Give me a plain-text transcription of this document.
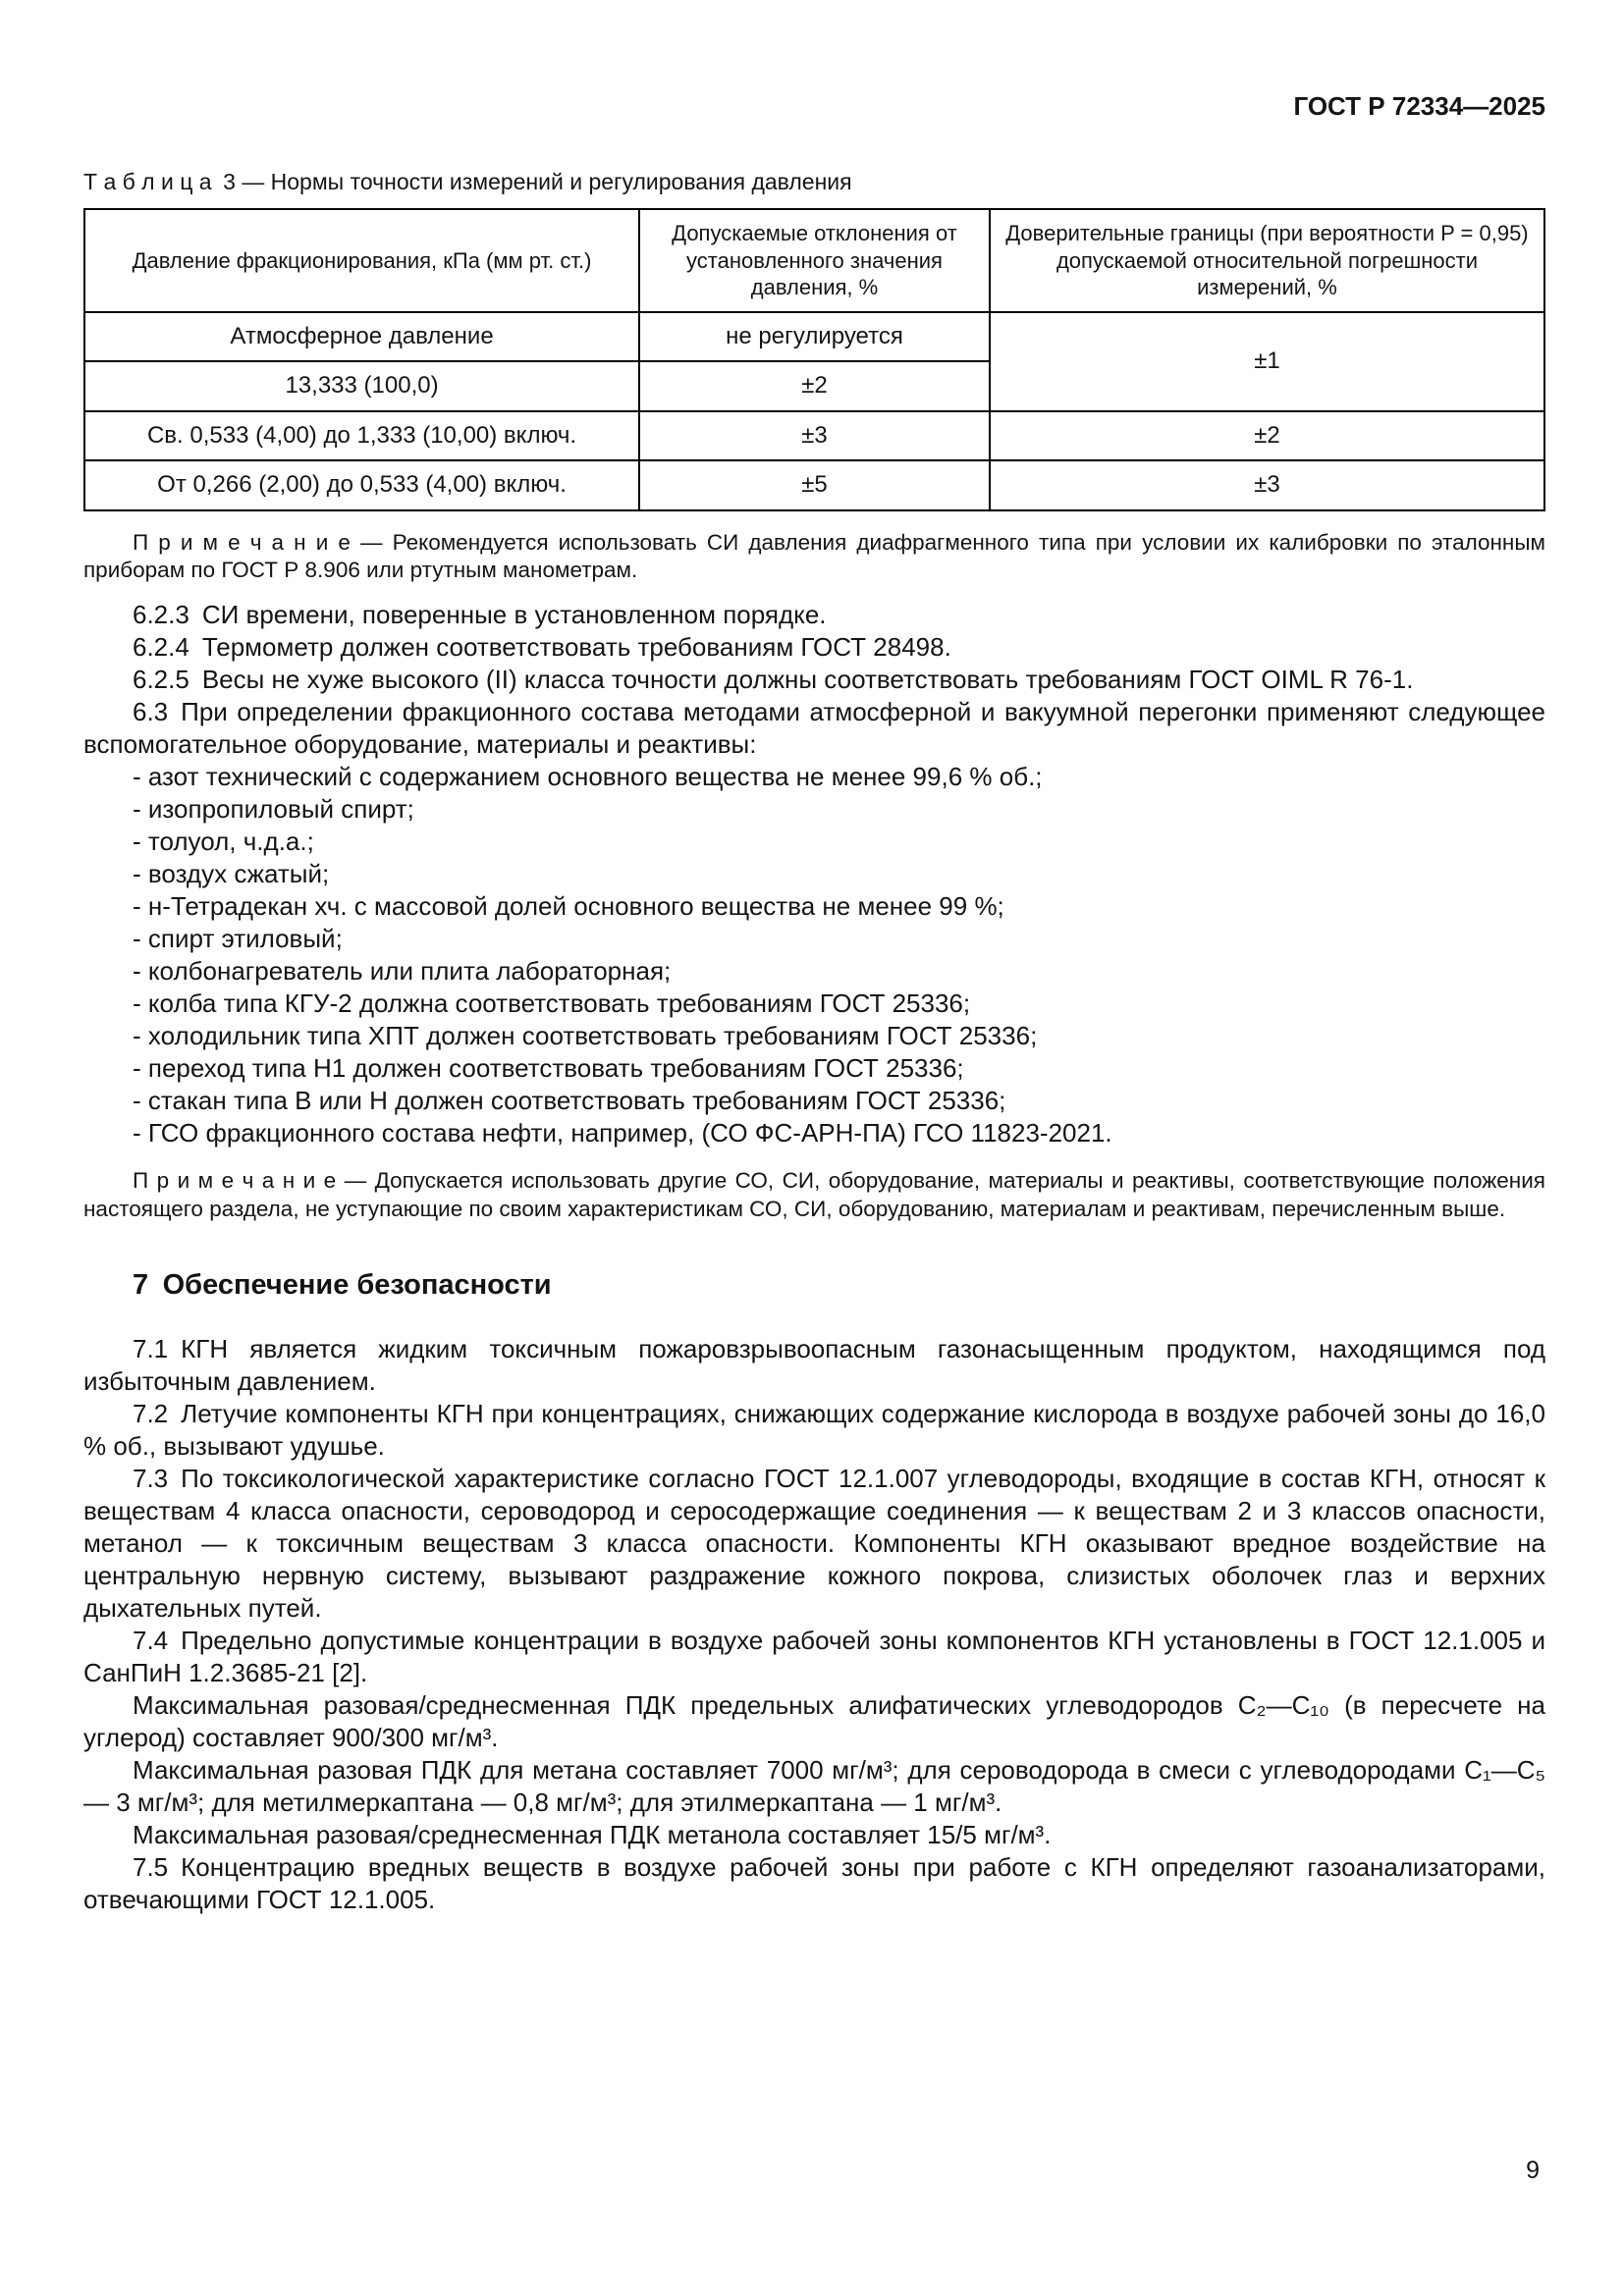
ГОСТ Р 72334—2025
Т а б л и ц а 3 — Нормы точности измерений и регулирования давления
Давление фракционирования, кПа (мм рт. ст.)	Допускаемые отклонения от установленного значения давления, %	Доверительные границы (при вероятности P = 0,95) допускаемой относительной погрешности измерений, %
Атмосферное давление	не регулируется	±1
13,333 (100,0)	±2	
Св. 0,533 (4,00) до 1,333 (10,00) включ.	±3	±2
От 0,266 (2,00) до 0,533 (4,00) включ.	±5	±3

П р и м е ч а н и е — Рекомендуется использовать СИ давления диафрагменного типа при условии их калибровки по эталонным приборам по ГОСТ Р 8.906 или ртутным манометрам.

6.2.3 СИ времени, поверенные в установленном порядке.

6.2.4 Термометр должен соответствовать требованиям ГОСТ 28498.

6.2.5 Весы не хуже высокого (II) класса точности должны соответствовать требованиям ГОСТ OIML R 76-1.

6.3 При определении фракционного состава методами атмосферной и вакуумной перегонки применяют следующее вспомогательное оборудование, материалы и реактивы:

- азот технический с содержанием основного вещества не менее 99,6 % об.;

- изопропиловый спирт;

- толуол, ч.д.а.;

- воздух сжатый;

- н-Тетрадекан хч. с массовой долей основного вещества не менее 99 %;

- спирт этиловый;

- колбонагреватель или плита лабораторная;

- колба типа КГУ-2 должна соответствовать требованиям ГОСТ 25336;

- холодильник типа ХПТ должен соответствовать требованиям ГОСТ 25336;

- переход типа Н1 должен соответствовать требованиям ГОСТ 25336;

- стакан типа В или Н должен соответствовать требованиям ГОСТ 25336;

- ГСО фракционного состава нефти, например, (СО ФС-АРН-ПА) ГСО 11823-2021.

П р и м е ч а н и е — Допускается использовать другие СО, СИ, оборудование, материалы и реактивы, соответствующие положения настоящего раздела, не уступающие по своим характеристикам СО, СИ, оборудованию, материалам и реактивам, перечисленным выше.

7 Обеспечение безопасности

7.1 КГН является жидким токсичным пожаровзрывоопасным газонасыщенным продуктом, находящимся под избыточным давлением.

7.2 Летучие компоненты КГН при концентрациях, снижающих содержание кислорода в воздухе рабочей зоны до 16,0 % об., вызывают удушье.

7.3 По токсикологической характеристике согласно ГОСТ 12.1.007 углеводороды, входящие в состав КГН, относят к веществам 4 класса опасности, сероводород и серосодержащие соединения — к веществам 2 и 3 классов опасности, метанол — к токсичным веществам 3 класса опасности. Компоненты КГН оказывают вредное воздействие на центральную нервную систему, вызывают раздражение кожного покрова, слизистых оболочек глаз и верхних дыхательных путей.

7.4 Предельно допустимые концентрации в воздухе рабочей зоны компонентов КГН установлены в ГОСТ 12.1.005 и СанПиН 1.2.3685-21 [2].

Максимальная разовая/среднесменная ПДК предельных алифатических углеводородов C₂—C₁₀ (в пересчете на углерод) составляет 900/300 мг/м³.

Максимальная разовая ПДК для метана составляет 7000 мг/м³; для сероводорода в смеси с углеводородами C₁—C₅ — 3 мг/м³; для метилмеркаптана — 0,8 мг/м³; для этилмеркаптана — 1 мг/м³.

Максимальная разовая/среднесменная ПДК метанола составляет 15/5 мг/м³.

7.5 Концентрацию вредных веществ в воздухе рабочей зоны при работе с КГН определяют газоанализаторами, отвечающими ГОСТ 12.1.005.

9
